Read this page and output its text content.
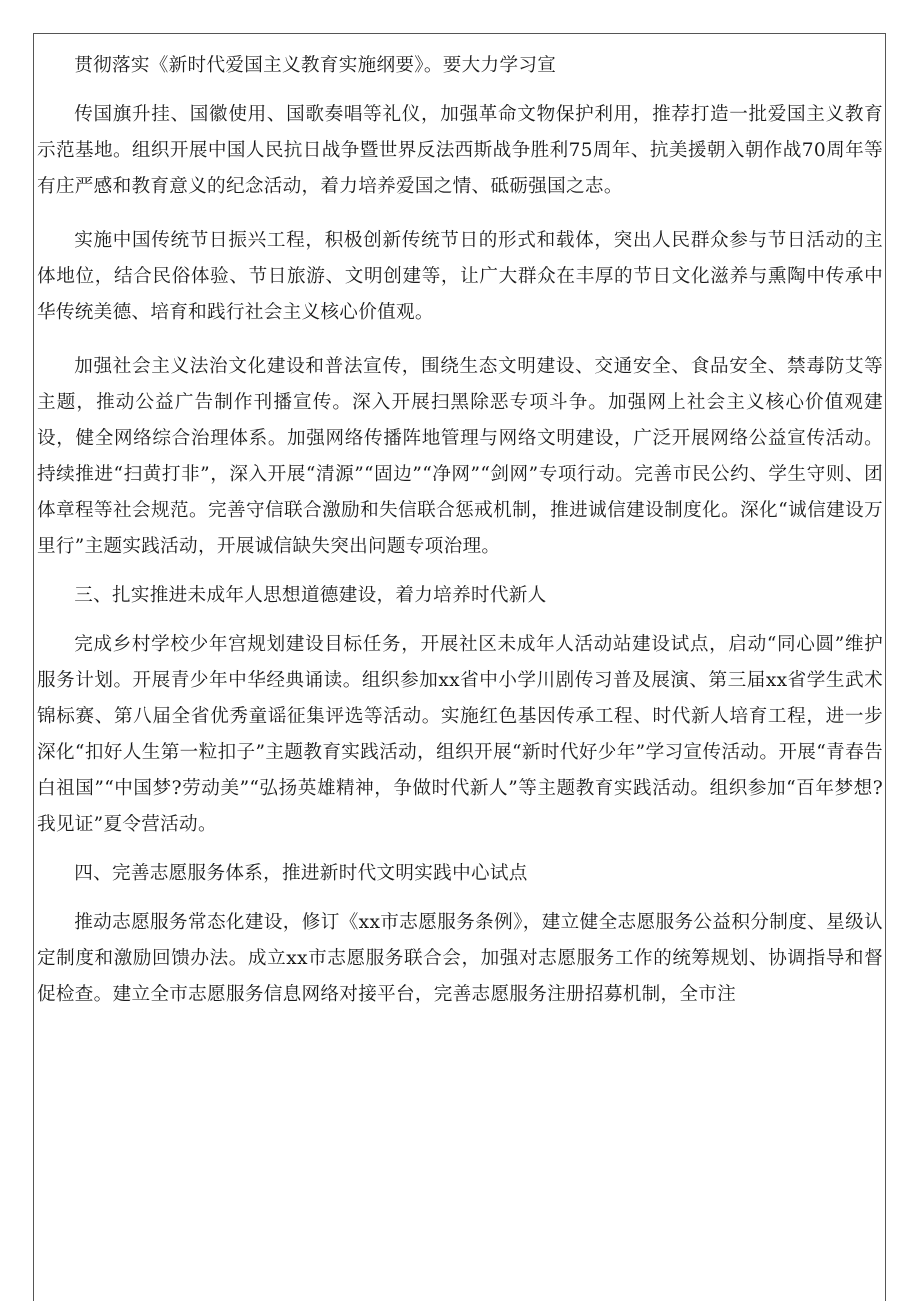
贯彻落实《新时代爱国主义教育实施纲要》。要大力学习宣

传国旗升挂、国徽使用、国歌奏唱等礼仪，加强革命文物保护利用，推荐打造一批爱国主义教育示范基地。组织开展中国人民抗日战争暨世界反法西斯战争胜利75周年、抗美援朝入朝作战70周年等有庄严感和教育意义的纪念活动，着力培养爱国之情、砥砺强国之志。

实施中国传统节日振兴工程，积极创新传统节日的形式和载体，突出人民群众参与节日活动的主体地位，结合民俗体验、节日旅游、文明创建等，让广大群众在丰厚的节日文化滋养与熏陶中传承中华传统美德、培育和践行社会主义核心价值观。

加强社会主义法治文化建设和普法宣传，围绕生态文明建设、交通安全、食品安全、禁毒防艾等主题，推动公益广告制作刊播宣传。深入开展扫黑除恶专项斗争。加强网上社会主义核心价值观建设，健全网络综合治理体系。加强网络传播阵地管理与网络文明建设，广泛开展网络公益宣传活动。持续推进“扫黄打非”，深入开展“清源”“固边”“净网”“剑网”专项行动。完善市民公约、学生守则、团体章程等社会规范。完善守信联合激励和失信联合惩戒机制，推进诚信建设制度化。深化“诚信建设万里行”主题实践活动，开展诚信缺失突出问题专项治理。

三、扎实推进未成年人思想道德建设，着力培养时代新人

完成乡村学校少年宫规划建设目标任务，开展社区未成年人活动站建设试点，启动“同心圆”维护服务计划。开展青少年中华经典诵读。组织参加xx省中小学川剧传习普及展演、第三届xx省学生武术锦标赛、第八届全省优秀童谣征集评选等活动。实施红色基因传承工程、时代新人培育工程，进一步深化“扣好人生第一粒扣子”主题教育实践活动，组织开展“新时代好少年”学习宣传活动。开展“青春告白祖国”“中国梦?劳动美”“弘扬英雄精神，争做时代新人”等主题教育实践活动。组织参加“百年梦想?我见证”夏令营活动。

四、完善志愿服务体系，推进新时代文明实践中心试点

推动志愿服务常态化建设，修订《xx市志愿服务条例》，建立健全志愿服务公益积分制度、星级认定制度和激励回馈办法。成立xx市志愿服务联合会，加强对志愿服务工作的统筹规划、协调指导和督促检查。建立全市志愿服务信息网络对接平台，完善志愿服务注册招募机制，全市注
